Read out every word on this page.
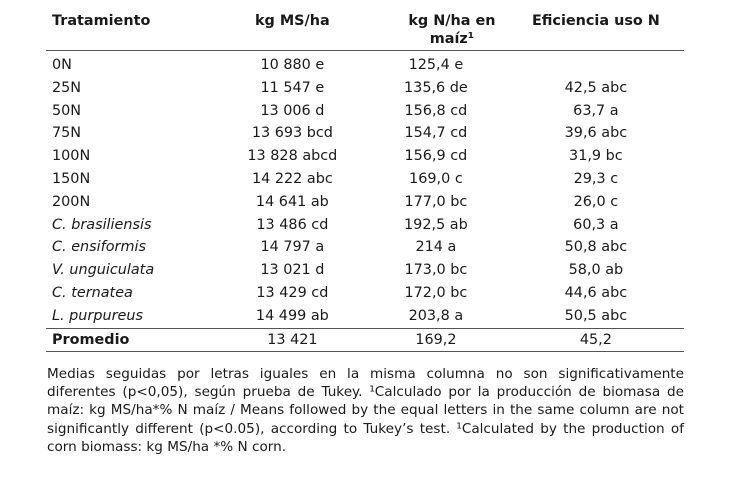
Tratamiento	kg MS/ha	kg N/ha en maíz¹	Eficiencia uso N
0N	10 880 e	125,4 e	
25N	11 547 e	135,6 de	42,5 abc
50N	13 006 d	156,8 cd	63,7 a
75N	13 693 bcd	154,7 cd	39,6 abc
100N	13 828 abcd	156,9 cd	31,9 bc
150N	14 222 abc	169,0 c	29,3 c
200N	14 641 ab	177,0 bc	26,0 c
C. brasiliensis	13 486 cd	192,5 ab	60,3 a
C. ensiformis	14 797 a	214 a	50,8 abc
V. unguiculata	13 021 d	173,0 bc	58,0 ab
C. ternatea	13 429 cd	172,0 bc	44,6 abc
L. purpureus	14 499 ab	203,8 a	50,5 abc
Promedio	13 421	169,2	45,2

Medias seguidas por letras iguales en la misma columna no son significativamente diferentes (p<0,05), según prueba de Tukey. ¹Calculado por la producción de biomasa de maíz: kg MS/ha*% N maíz / Means followed by the equal letters in the same column are not significantly different (p<0.05), according to Tukey’s test. ¹Calculated by the production of corn biomass: kg MS/ha *% N corn.
